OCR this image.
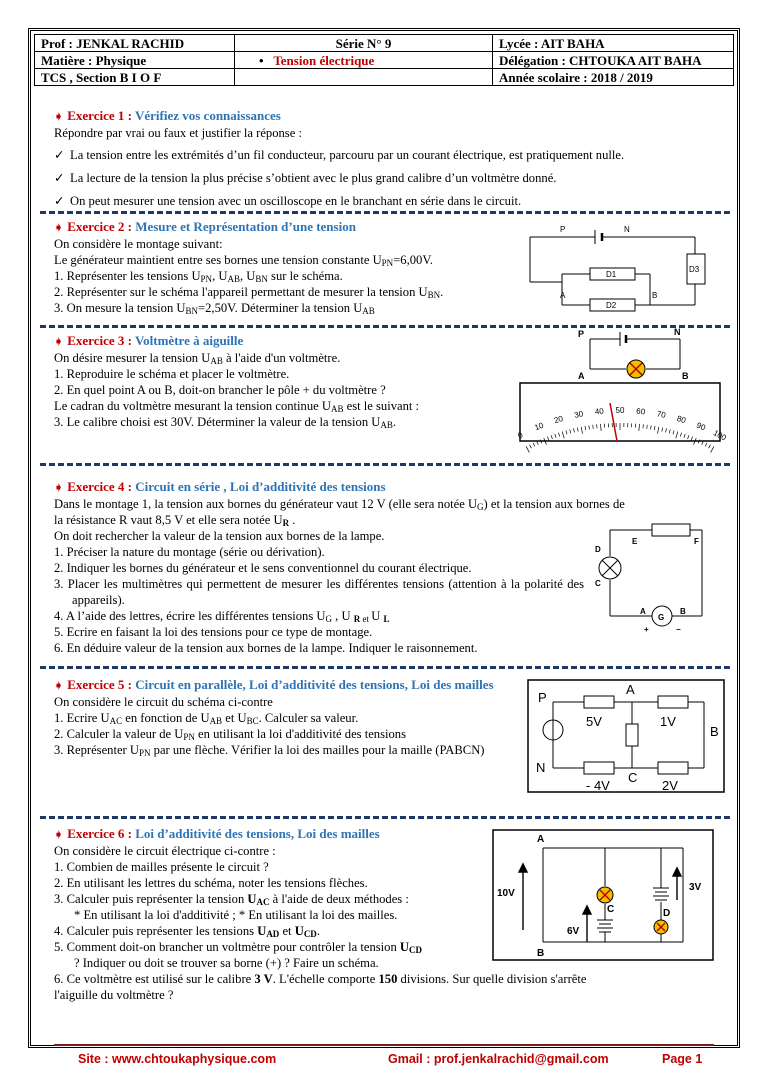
Prof : JENKAL RACHID	Série N° 9	Lycée : AIT BAHA
Matière : Physique	• Tension électrique	Délégation : CHTOUKA AIT BAHA
TCS , Section B I O F		Année scolaire : 2018 / 2019

➧ Exercice 1 : Vérifiez vos connaissances

Répondre par vrai ou faux et justifier la réponse :

✓ La tension entre les extrémités d’un fil conducteur, parcouru par un courant électrique, est pratiquement nulle.

✓ La lecture de la tension la plus précise s’obtient avec le plus grand calibre d’un voltmètre donné.

✓ On peut mesurer une tension avec un oscilloscope en le branchant en série dans le circuit.

➧ Exercice 2 : Mesure et Représentation d’une tension

On considère le montage suivant:

Le générateur maintient entre ses bornes une tension constante $U_{PN}=6,00V$.

1. Représenter les tensions $U_{PN}$, $U_{AB}$, $U_{BN}$ sur le schéma.

2. Représenter sur le schéma l'appareil permettant de mesurer la tension $U_{BN}$.

3. On mesure la tension $U_{BN}=2,50V$. Déterminer la tension $U_{AB}$

P	N
A	B
D1
D2
D3

➧ Exercice 3 : Voltmètre à aiguille

On désire mesurer la tension $U_{AB}$ à l'aide d'un voltmètre.

1. Reproduire le schéma et placer le voltmètre.

2. En quel point A ou B, doit-on brancher le pôle + du voltmètre ?

Le cadran du voltmètre mesurant la tension continue $U_{AB}$ est le suivant :

3. Le calibre choisi est 30V. Déterminer la valeur de la tension $U_{AB}$.

P	N
A	B
0
10
20 30 40 50 60 70 80
90
100

➧ Exercice 4 : Circuit en série , Loi d’additivité des tensions

Dans le montage 1, la tension aux bornes du générateur vaut 12 V (elle sera notée $U_G$) et la tension aux bornes de

la résistance R vaut 8,5 V et elle sera notée $U_R$ .

On doit rechercher la valeur de la tension aux bornes de la lampe.

1. Préciser la nature du montage (série ou dérivation).

2. Indiquer les bornes du générateur et le sens conventionnel du courant électrique.

3. Placer les multimètres qui permettent de mesurer les différentes tensions (attention à la polarité des appareils).

4. A l’aide des lettres, écrire les différentes tensions $U_G$ , U $_R$ $_{et}$ U $_L$

5. Ecrire en faisant la loi des tensions pour ce type de montage.

6. En déduire valeur de la tension aux bornes de la lampe. Indiquer le raisonnement.

D
E	F
C
A	B
G
+	−

➧ Exercice 5 : Circuit en parallèle, Loi d’additivité des tensions, Loi des mailles

On considère le circuit du schéma ci-contre

1. Ecrire $U_{AC}$ en fonction de $U_{AB}$ et $U_{BC}$. Calculer sa valeur.

2. Calculer la valeur de $U_{PN}$ en utilisant la loi d'additivité des tensions

3. Représenter $U_{PN}$ par une flèche. Vérifier la loi des mailles pour la maille (PABCN)

P
A
B
N
C
5V	1V
- 4V	2V

➧ Exercice 6 : Loi d’additivité des tensions, Loi des mailles

On considère le circuit électrique ci-contre :

1. Combien de mailles présente le circuit ?

2. En utilisant les lettres du schéma, noter les tensions flèches.

3. Calculer puis représenter la tension $U_{AC}$ à l'aide de deux méthodes :

* En utilisant la loi d'additivité ; * En utilisant la loi des mailles.

4. Calculer puis représenter les tensions $U_{AD}$ et $U_{CD}$.

5. Comment doit-on brancher un voltmètre pour contrôler la tension $U_{CD}$

? Indiquer ou doit se trouver sa borne (+) ? Faire un schéma.

6. Ce voltmètre est utilisé sur le calibre 3 V. L'échelle comporte 150 divisions. Sur quelle division s'arrête

l'aiguille du voltmètre ?

A
B
C	D
10V
6V
3V
Site : www.chtoukaphysique.com	Gmail : prof.jenkalrachid@gmail.com	Page 1
